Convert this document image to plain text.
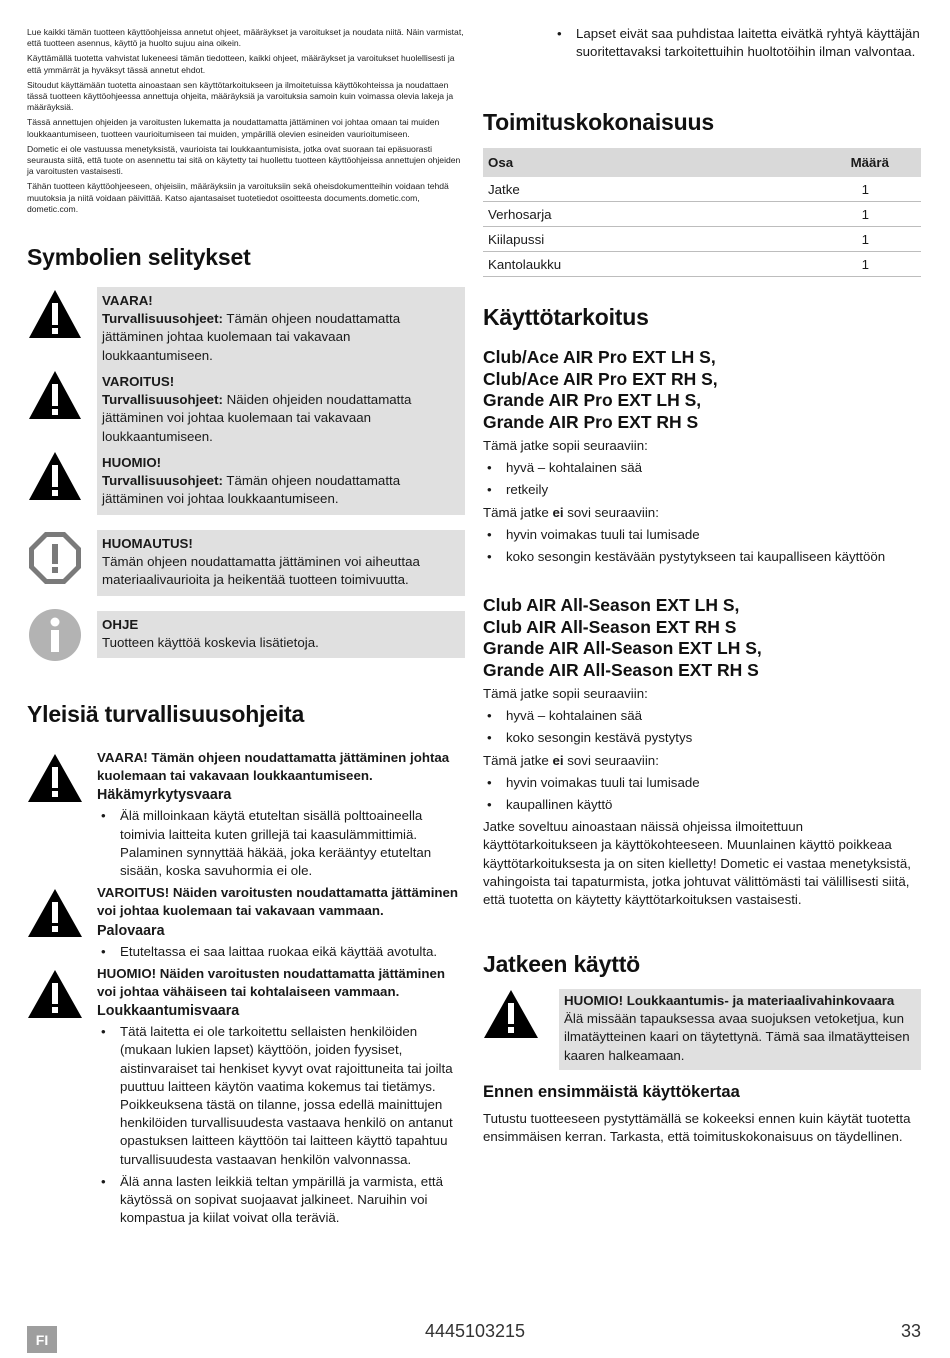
Lue kaikki tämän tuotteen käyttöohjeissa annetut ohjeet, määräykset ja varoitukset ja noudata niitä. Näin varmistat, että tuotteen asennus, käyttö ja huolto sujuu aina oikein.

Käyttämällä tuotetta vahvistat lukeneesi tämän tiedotteen, kaikki ohjeet, määräykset ja varoitukset huolellisesti ja että ymmärrät ja hyväksyt tässä annetut ehdot.

Sitoudut käyttämään tuotetta ainoastaan sen käyttötarkoitukseen ja ilmoitetuissa käyttökohteissa ja noudattaen tässä tuotteen käyttöohjeessa annettuja ohjeita, määräyksiä ja varoituksia samoin kuin voimassa olevia lakeja ja määräyksiä.

Tässä annettujen ohjeiden ja varoitusten lukematta ja noudattamatta jättäminen voi johtaa omaan tai muiden loukkaantumiseen, tuotteen vaurioitumiseen tai muiden, ympärillä olevien esineiden vaurioitumiseen.

Dometic ei ole vastuussa menetyksistä, vaurioista tai loukkaantumisista, jotka ovat suoraan tai epäsuorasti seurausta siitä, että tuote on asennettu tai sitä on käytetty tai huollettu tuotteen käyttöohjeissa annettujen ohjeiden ja varoitusten vastaisesti.

Tähän tuotteen käyttöohjeeseen, ohjeisiin, määräyksiin ja varoituksiin sekä oheisdokumentteihin voidaan tehdä muutoksia ja niitä voidaan päivittää. Katso ajantasaiset tuotetiedot osoitteesta documents.dometic.com, dometic.com.

Symbolien selitykset
VAARA!
Turvallisuusohjeet: Tämän ohjeen noudattamatta jättäminen johtaa kuolemaan tai vakavaan loukkaantumiseen.
VAROITUS!
Turvallisuusohjeet: Näiden ohjeiden noudattamatta jättäminen voi johtaa kuolemaan tai vakavaan loukkaantumiseen.
HUOMIO!
Turvallisuusohjeet: Tämän ohjeen noudattamatta jättäminen voi johtaa loukkaantumiseen.
HUOMAUTUS!
Tämän ohjeen noudattamatta jättäminen voi aiheuttaa materiaalivaurioita ja heikentää tuotteen toimivuutta.
OHJE
Tuotteen käyttöä koskevia lisätietoja.
Yleisiä turvallisuusohjeita

VAARA! Tämän ohjeen noudattamatta jättäminen johtaa kuolemaan tai vakavaan loukkaantumiseen.

Häkämyrkytysvaara

• Älä milloinkaan käytä etuteltan sisällä polttoaineella toimivia laitteita kuten grillejä tai kaasulämmittimiä. Palaminen synnyttää häkää, joka kerääntyy etuteltan sisään, koska savuhormia ei ole.

VAROITUS! Näiden varoitusten noudattamatta jättäminen voi johtaa kuolemaan tai vakavaan vammaan.

Palovaara

• Etuteltassa ei saa laittaa ruokaa eikä käyttää avotulta.

HUOMIO! Näiden varoitusten noudattamatta jättäminen voi johtaa vähäiseen tai kohtalaiseen vammaan.

Loukkaantumisvaara

• Tätä laitetta ei ole tarkoitettu sellaisten henkilöiden (mukaan lukien lapset) käyttöön, joiden fyysiset, aistinvaraiset tai henkiset kyvyt ovat rajoittuneita tai joilta puuttuu laitteen käytön vaatima kokemus tai tietämys. Poikkeuksena tästä on tilanne, jossa edellä mainittujen henkilöiden turvallisuudesta vastaava henkilö on antanut opastuksen laitteen käyttöön tai laitteen käyttö tapahtuu turvallisuudesta vastaavan henkilön valvonnassa.
• Älä anna lasten leikkiä teltan ympärillä ja varmista, että käytössä on sopivat suojaavat jalkineet. Naruihin voi kompastua ja kiilat voivat olla teräviä.
• Lapset eivät saa puhdistaa laitetta eivätkä ryhtyä käyttäjän suoritettavaksi tarkoitettuihin huoltotöihin ilman valvontaa.
Toimituskokonaisuus
Osa	Määrä
Jatke	1
Verhosarja	1
Kiilapussi	1
Kantolaukku	1
Käyttötarkoitus
Club/Ace AIR Pro EXT LH S,
Club/Ace AIR Pro EXT RH S,
Grande AIR Pro EXT LH S,
Grande AIR Pro EXT RH S

Tämä jatke sopii seuraaviin:

• hyvä – kohtalainen sää
• retkeily

Tämä jatke ei sovi seuraaviin:

• hyvin voimakas tuuli tai lumisade
• koko sesongin kestävään pystytykseen tai kaupalliseen käyttöön
Club AIR All-Season EXT LH S,
Club AIR All-Season EXT RH S
Grande AIR All-Season EXT LH S,
Grande AIR All-Season EXT RH S

Tämä jatke sopii seuraaviin:

• hyvä – kohtalainen sää
• koko sesongin kestävä pystytys

Tämä jatke ei sovi seuraaviin:

• hyvin voimakas tuuli tai lumisade
• kaupallinen käyttö

Jatke soveltuu ainoastaan näissä ohjeissa ilmoitettuun käyttötarkoitukseen ja käyttökohteeseen. Muunlainen käyttö poikkeaa käyttötarkoituksesta ja on siten kielletty! Dometic ei vastaa menetyksistä, vahingoista tai tapaturmista, jotka johtuvat välittömästi tai välillisesti siitä, että tuotetta on käytetty käyttötarkoituksen vastaisesti.

Jatkeen käyttö
HUOMIO! Loukkaantumis- ja materiaalivahinkovaara
Älä missään tapauksessa avaa suojuksen vetoketjua, kun ilmatäytteinen kaari on täytettynä. Tämä saa ilmatäytteisen kaaren halkeamaan.
Ennen ensimmäistä käyttökertaa

Tutustu tuotteeseen pystyttämällä se kokeeksi ennen kuin käytät tuotetta ensimmäisen kerran. Tarkasta, että toimituskokonaisuus on täydellinen.

FI	4445103215	33
